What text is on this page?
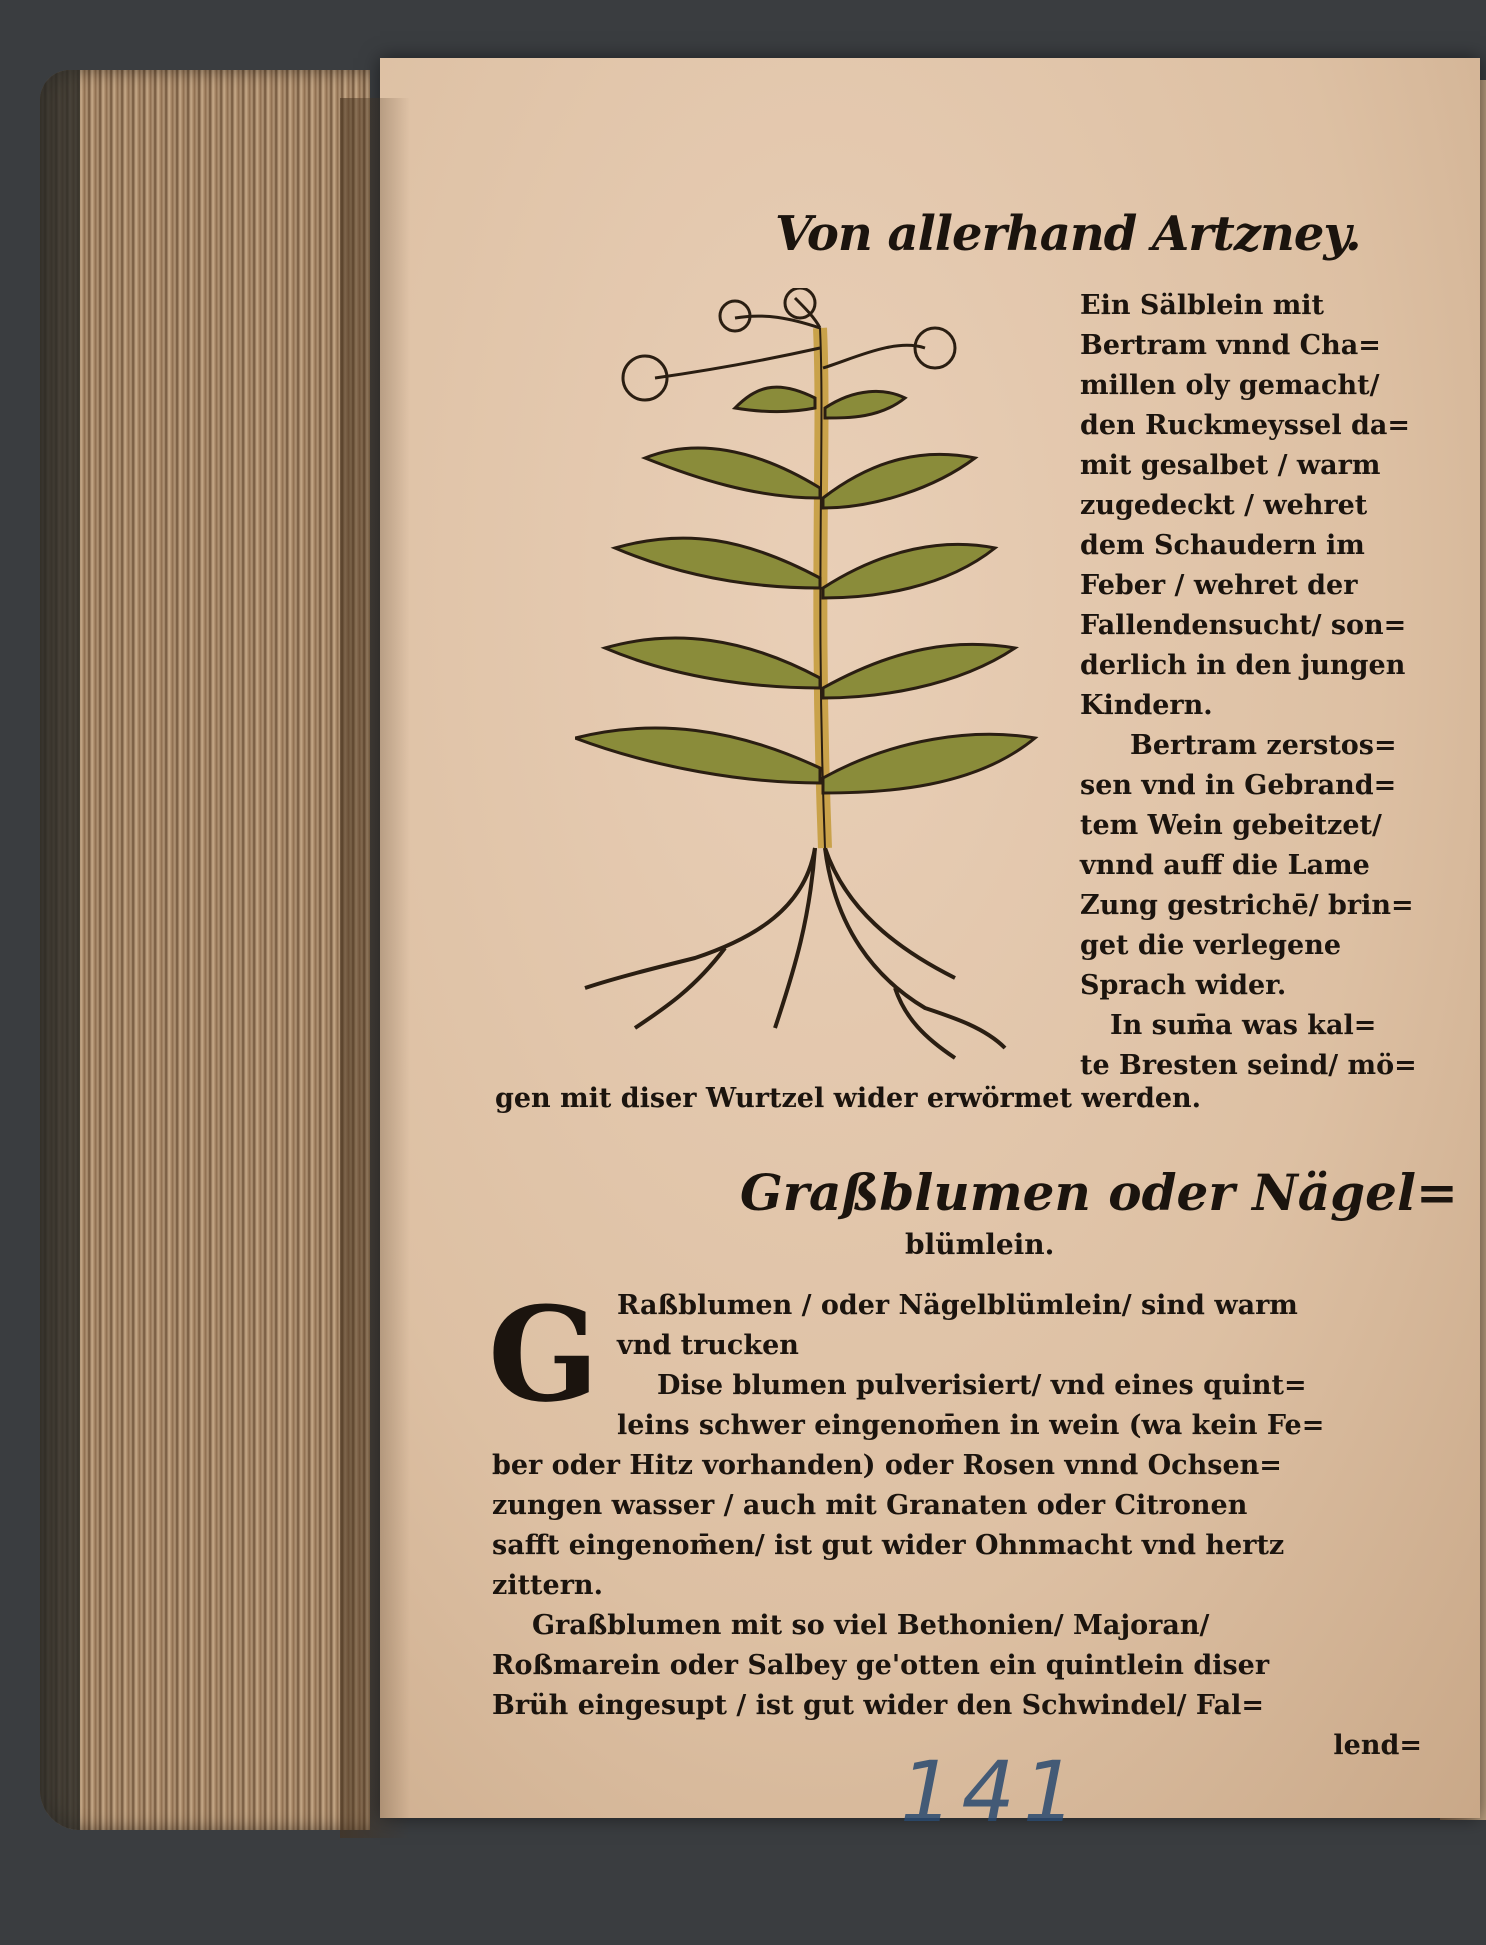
Von allerhand Artzney.
Ein Sälblein mit
Bertram vnnd Cha=
millen oly gemacht/
den Ruckmeyssel da=
mit gesalbet / warm
zugedeckt / wehret
dem Schaudern im
Feber / wehret der
Fallendensucht/ son=
derlich in den jungen
Kindern.
Bertram zerstos=
sen vnd in Gebrand=
tem Wein gebeitzet/
vnnd auff die Lame
Zung gestrichē/ brin=
get die verlegene
Sprach wider.
In sum̄a was kal=
te Bresten seind/ mö=
gen mit diser Wurtzel wider erwörmet werden.
Graßblumen oder Nägel=
blümlein.
G Raßblumen / oder Nägelblümlein/ sind warm
vnd trucken
Dise blumen pulverisiert/ vnd eines quint=
leins schwer eingenom̄en in wein (wa kein Fe=
ber oder Hitz vorhanden) oder Rosen vnnd Ochsen=
zungen wasser / auch mit Granaten oder Citronen
safft eingenom̄en/ ist gut wider Ohnmacht vnd hertz
zittern.
Graßblumen mit so viel Bethonien/ Majoran/
Roßmarein oder Salbey ge'otten ein quintlein diser
Brüh eingesupt / ist gut wider den Schwindel/ Fal=
lend=
141
